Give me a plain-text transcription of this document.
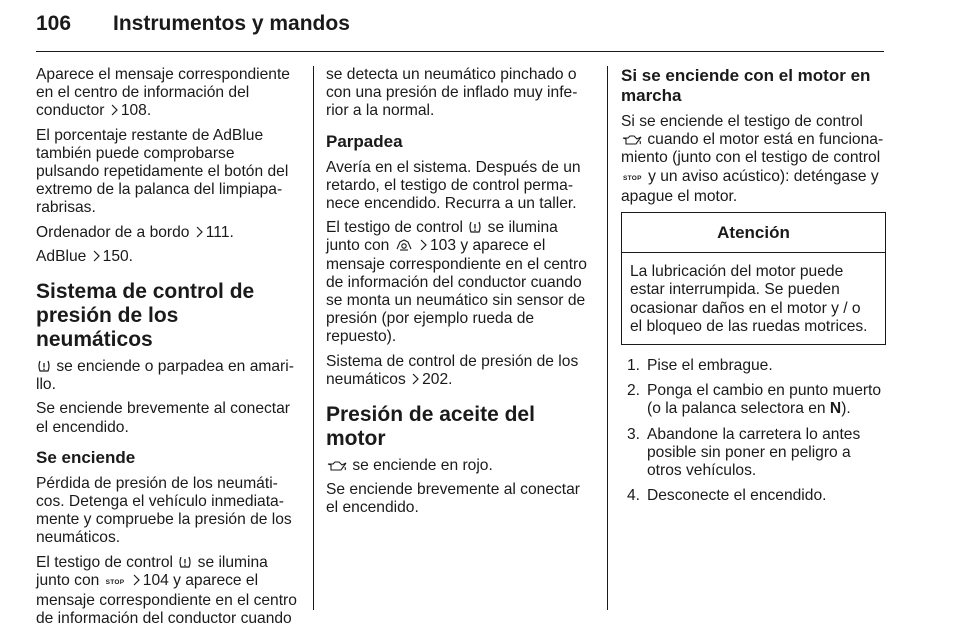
106 Instrumentos y mandos

Aparece el mensaje correspondiente en el centro de información del conductor 108.

El porcentaje restante de AdBlue también puede comprobarse pulsando repetidamente el botón del extremo de la palanca del limpiaparabrisas.

Ordenador de a bordo 111.

AdBlue 150.

Sistema de control de presión de los neumáticos

se enciende o parpadea en amarillo.

Se enciende brevemente al conectar el encendido.

Se enciende

Pérdida de presión de los neumáticos. Detenga el vehículo inmediatamente y compruebe la presión de los neumáticos.

El testigo de control se ilumina junto con STOP 104 y aparece el mensaje correspondiente en el centro de información del conductor cuando

se detecta un neumático pinchado o con una presión de inflado muy inferior a la normal.

Parpadea

Avería en el sistema. Después de un retardo, el testigo de control permanece encendido. Recurra a un taller.

El testigo de control se ilumina junto con
	103 y aparece el mensaje correspondiente en el centro de información del conductor cuando se monta un neumático sin sensor de presión (por ejemplo rueda de repuesto).

Sistema de control de presión de los neumáticos 202.

Presión de aceite del motor

se enciende en rojo.

Se enciende brevemente al conectar el encendido.

Si se enciende con el motor en marcha

Si se enciende el testigo de control
cuando el motor está en funcionamiento (junto con el testigo de control STOP y un aviso acústico): deténgase y apague el motor.

Atención
La lubricación del motor puede estar interrumpida. Se pueden ocasionar daños en el motor y / o el bloqueo de las ruedas motrices.
1. Pise el embrague.
2. Ponga el cambio en punto muerto (o la palanca selectora en N).
3. Abandone la carretera lo antes posible sin poner en peligro a otros vehículos.
4. Desconecte el encendido.
